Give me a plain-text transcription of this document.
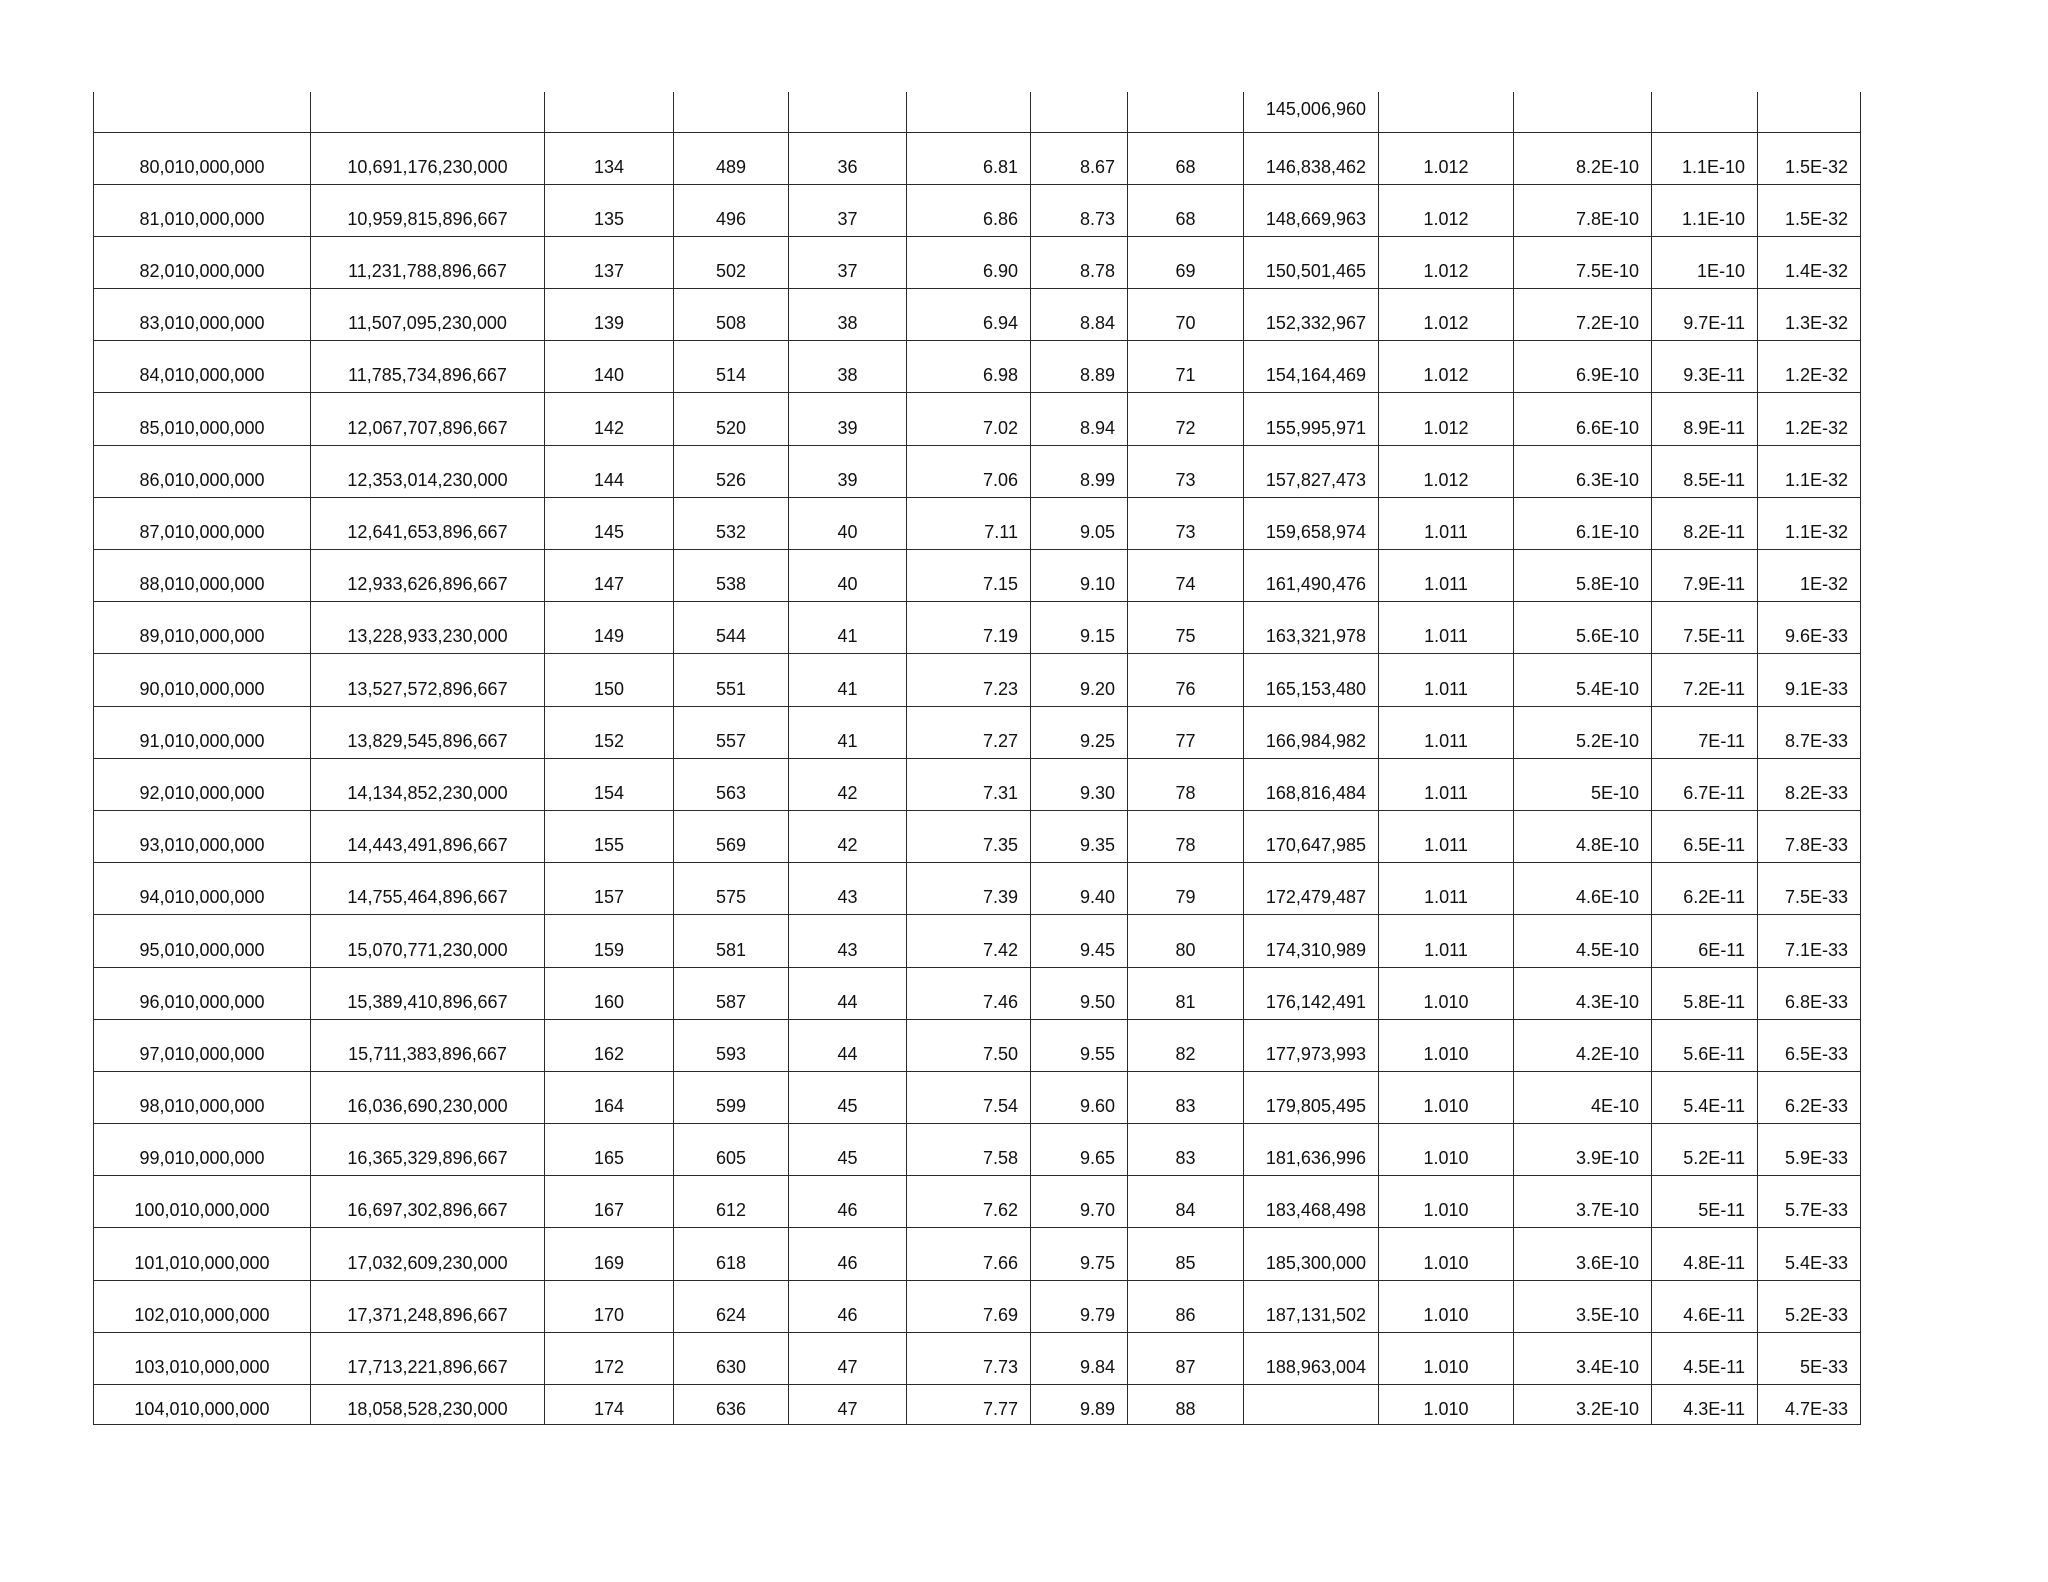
								145,006,960				
80,010,000,000	10,691,176,230,000	134	489	36	6.81	8.67	68	146,838,462	1.012	8.2E-10	1.1E-10	1.5E-32
81,010,000,000	10,959,815,896,667	135	496	37	6.86	8.73	68	148,669,963	1.012	7.8E-10	1.1E-10	1.5E-32
82,010,000,000	11,231,788,896,667	137	502	37	6.90	8.78	69	150,501,465	1.012	7.5E-10	1E-10	1.4E-32
83,010,000,000	11,507,095,230,000	139	508	38	6.94	8.84	70	152,332,967	1.012	7.2E-10	9.7E-11	1.3E-32
84,010,000,000	11,785,734,896,667	140	514	38	6.98	8.89	71	154,164,469	1.012	6.9E-10	9.3E-11	1.2E-32
85,010,000,000	12,067,707,896,667	142	520	39	7.02	8.94	72	155,995,971	1.012	6.6E-10	8.9E-11	1.2E-32
86,010,000,000	12,353,014,230,000	144	526	39	7.06	8.99	73	157,827,473	1.012	6.3E-10	8.5E-11	1.1E-32
87,010,000,000	12,641,653,896,667	145	532	40	7.11	9.05	73	159,658,974	1.011	6.1E-10	8.2E-11	1.1E-32
88,010,000,000	12,933,626,896,667	147	538	40	7.15	9.10	74	161,490,476	1.011	5.8E-10	7.9E-11	1E-32
89,010,000,000	13,228,933,230,000	149	544	41	7.19	9.15	75	163,321,978	1.011	5.6E-10	7.5E-11	9.6E-33
90,010,000,000	13,527,572,896,667	150	551	41	7.23	9.20	76	165,153,480	1.011	5.4E-10	7.2E-11	9.1E-33
91,010,000,000	13,829,545,896,667	152	557	41	7.27	9.25	77	166,984,982	1.011	5.2E-10	7E-11	8.7E-33
92,010,000,000	14,134,852,230,000	154	563	42	7.31	9.30	78	168,816,484	1.011	5E-10	6.7E-11	8.2E-33
93,010,000,000	14,443,491,896,667	155	569	42	7.35	9.35	78	170,647,985	1.011	4.8E-10	6.5E-11	7.8E-33
94,010,000,000	14,755,464,896,667	157	575	43	7.39	9.40	79	172,479,487	1.011	4.6E-10	6.2E-11	7.5E-33
95,010,000,000	15,070,771,230,000	159	581	43	7.42	9.45	80	174,310,989	1.011	4.5E-10	6E-11	7.1E-33
96,010,000,000	15,389,410,896,667	160	587	44	7.46	9.50	81	176,142,491	1.010	4.3E-10	5.8E-11	6.8E-33
97,010,000,000	15,711,383,896,667	162	593	44	7.50	9.55	82	177,973,993	1.010	4.2E-10	5.6E-11	6.5E-33
98,010,000,000	16,036,690,230,000	164	599	45	7.54	9.60	83	179,805,495	1.010	4E-10	5.4E-11	6.2E-33
99,010,000,000	16,365,329,896,667	165	605	45	7.58	9.65	83	181,636,996	1.010	3.9E-10	5.2E-11	5.9E-33
100,010,000,000	16,697,302,896,667	167	612	46	7.62	9.70	84	183,468,498	1.010	3.7E-10	5E-11	5.7E-33
101,010,000,000	17,032,609,230,000	169	618	46	7.66	9.75	85	185,300,000	1.010	3.6E-10	4.8E-11	5.4E-33
102,010,000,000	17,371,248,896,667	170	624	46	7.69	9.79	86	187,131,502	1.010	3.5E-10	4.6E-11	5.2E-33
103,010,000,000	17,713,221,896,667	172	630	47	7.73	9.84	87	188,963,004	1.010	3.4E-10	4.5E-11	5E-33
104,010,000,000	18,058,528,230,000	174	636	47	7.77	9.89	88		1.010	3.2E-10	4.3E-11	4.7E-33
